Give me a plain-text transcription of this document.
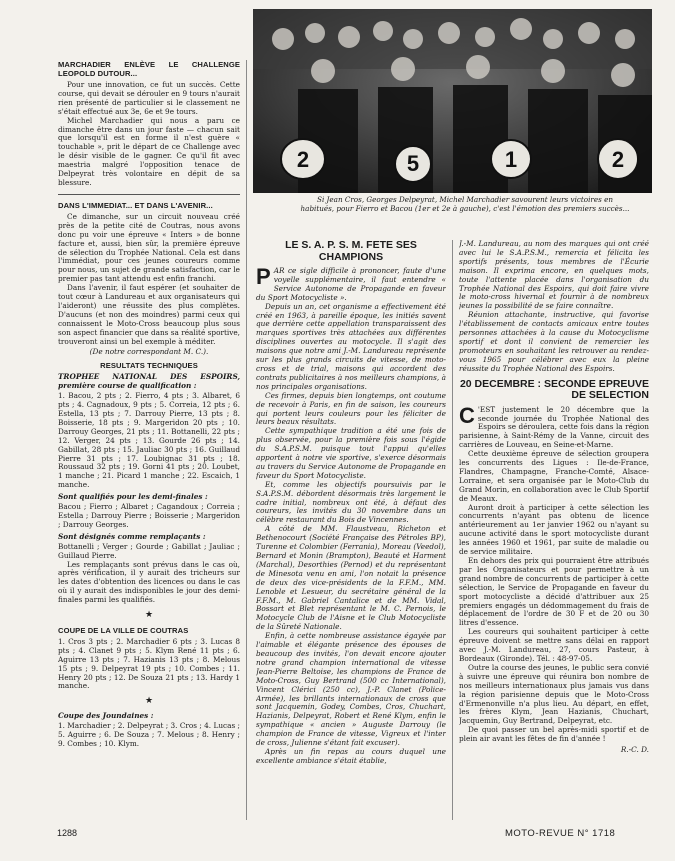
MARCHADIER ENLÈVE LE CHALLENGE LEOPOLD DUTOUR...

Pour une innovation, ce fut un succès. Cette course, qui devait se dérouler en 9 tours n'aurait rien présenté de particulier si le classement ne s'était effectué aux 3e, 6e et 9e tours.

Michel Marchadier qui nous a paru ce dimanche être dans un jour faste — chacun sait que lorsqu'il est en forme il n'est guère « touchable », prit le départ de ce Challenge avec le désir visible de le gagner. Ce qu'il fit avec maestria malgré l'opposition tenace de Delpeyrat très volontaire en dépit de sa blessure.

DANS L'IMMEDIAT... ET DANS L'AVENIR...

Ce dimanche, sur un circuit nouveau créé près de la petite cité de Coutras, nous avons donc pu voir une épreuve « Inters » de bonne facture et, aussi, bien sûr, la première épreuve de sélection du Trophée National. Cela est dans l'immédiat, pour ces jeunes coureurs comme pour nous, un sujet de grande satisfaction, car le premier pas tant attendu est enfin franchi.

Dans l'avenir, il faut espérer (et souhaiter de tout cœur à Landureau et aux organisateurs qui l'aideront) une réussite des plus complètes. D'aucuns (et non des moindres) parmi ceux qui connaissent le Moto-Cross beaucoup plus sous son aspect financier que dans sa réalité sportive, trouveront ainsi un bel exemple à méditer.

(De notre correspondant M. C.).
RESULTATS TECHNIQUES
TROPHEE NATIONAL DES ESPOIRS, première course de qualification :

1. Bacou, 2 pts ; 2. Fierro, 4 pts ; 3. Albaret, 6 pts ; 4. Cagnadoux, 9 pts ; 5. Correia, 12 pts ; 6. Estella, 13 pts ; 7. Darrouy Pierre, 13 pts ; 8. Boisserie, 18 pts ; 9. Margeridon 20 pts ; 10. Darrouy Georges, 21 pts ; 11. Bottanelli, 22 pts ; 12. Verger, 24 pts ; 13. Gourde 26 pts ; 14. Gabillat, 28 pts ; 15. Jauliac 30 pts ; 16. Guillaud Pierre 31 pts ; 17. Loubignac 31 pts ; 18. Roussaud 32 pts ; 19. Gorni 41 pts ; 20. Loubet, 1 manche ; 21. Picard 1 manche ; 22. Escaich, 1 manche.

Sont qualifiés pour les demi-finales :

Bacou ; Fierro ; Albaret ; Cagandoux ; Correia ; Estella ; Darrouy Pierre ; Boisserie ; Margeridon ; Darrouy Georges.

Sont désignés comme remplaçants :

Bottanelli ; Verger ; Gourde ; Gabillat ; Jauliac ; Guillaud Pierre.

Les remplaçants sont prévus dans le cas où, après vérification, il y aurait des tricheurs sur les dates d'obtention des licences ou dans le cas où il y aurait des indisponibles le jour des demi-finales parmi les qualifiés.

★
COUPE DE LA VILLE DE COUTRAS

1. Cros 3 pts ; 2. Marchadier 6 pts ; 3. Lucas 8 pts ; 4. Clanet 9 pts ; 5. Klym René 11 pts ; 6. Aguirre 13 pts ; 7. Hazianis 13 pts ; 8. Melous 15 pts ; 9. Delpeyrat 19 pts ; 10. Combes ; 11. Henry 20 pts ; 12. De Souza 21 pts ; 13. Hardy 1 manche.

★
Coupe des Joundaines :

1. Marchadier ; 2. Delpeyrat ; 3. Cros ; 4. Lucas ; 5. Aguirre ; 6. De Souza ; 7. Melous ; 8. Henry ; 9. Combes ; 10. Klym.

2	5	1	2
Si Jean Cros, Georges Delpeyrat, Michel Marchadier savourent leurs victoires en habitués, pour Fierro et Bacou (1er et 2e à gauche), c'est l'émotion des premiers succès...
LE S. A. P. S. M. FETE SES CHAMPIONS

PAR ce sigle difficile à prononcer, faute d'une voyelle supplémentaire, il faut entendre « Service Autonome de Propagande en faveur du Sport Motocycliste ».

Depuis un an, cet organisme a effectivement été créé en 1963, à pareille époque, les initiés savent que derrière cette appellation transparaissent des marques sportives très attachées aux différentes disciplines ouvertes au motocycle. Il s'agit des maisons que notre ami J.-M. Landureau représente sur les plus grands circuits de vitesse, de moto-cross et de trial, maisons qui accordent des contrats publicitaires à nos meilleurs champions, à nos principales organisations.

Ces firmes, depuis bien longtemps, ont coutume de recevoir à Paris, en fin de saison, les coureurs qui portent leurs couleurs pour les féliciter de leurs beaux résultats.

Cette sympathique tradition a été une fois de plus observée, pour la première fois sous l'égide du S.A.P.S.M. puisque tout l'appui qu'elles apportent à notre vie sportive, s'exerce désormais au travers du Service Autonome de Propagande en faveur du Sport Motocycliste.

Et, comme les objectifs poursuivis par le S.A.P.S.M. débordent désormais très largement le cadre initial, nombreux ont été, à défaut des coureurs, les invités du 30 novembre dans un célèbre restaurant du Bois de Vincennes.

A côté de MM. Flaustveau, Richeton et Bethenocourt (Société Française des Pétroles BP), Turenne et Colombier (Ferrania), Moreau (Veedol), Bernard et Monin (Brampton), Beauté et Harment (Marchal), Desorthies (Pernod) et du représentant de Minesota venu en ami, l'on notait la présence de deux des vice-présidents de la F.F.M., MM. Lenoble et Lesueur, du secrétaire général de la F.F.M., M. Gabriel Cantalice et de MM. Vidal, Bossart et Blet représentant le M. C. Pernois, le Motocycle Club de l'Aisne et le Club Motocycliste de la Sûreté Nationale.

Enfin, à cette nombreuse assistance égayée par l'aimable et élégante présence des épouses de beaucoup des invités, l'on devait encore ajouter notre grand champion international de vitesse Jean-Pierre Beltoise, les champions de France de Moto-Cross, Guy Bertrand (500 cc International), Vincent Clérici (250 cc), J.-P. Clanet (Police-Armée), les brillants internationaux de cross que sont Jacquemin, Godey, Combes, Cros, Chuchart, Hazianis, Delpeyrat, Robert et René Klym, enfin le sympathique « ancien » Auguste Darrouy (le champion de France de vitesse, Vigreux et l'inter de cross, Julienne s'étant fait excuser).

Après un fin repas au cours duquel une excellente ambiance s'était établie,

J.-M. Landureau, au nom des marques qui ont créé avec lui le S.A.P.S.M., remercia et félicita les sportifs présents, tous membres de l'Écurie maison. Il exprima encore, en quelques mots, toute l'attente placée dans l'organisation du Trophée National des Espoirs, qui doit faire vivre le moto-cross hivernal et fournir à de nombreux jeunes la possibilité de se faire connaître.

Réunion attachante, instructive, qui favorise l'établissement de contacts amicaux entre toutes personnes attachées à la cause du Motocyclisme sportif et dont il convient de remercier les promoteurs en souhaitant les retrouver au rendez-vous 1965 pour célébrer avec eux la pleine réussite du Trophée National des Espoirs.

20 DECEMBRE : SECONDE EPREUVE DE SELECTION

C 'EST justement le 20 décembre que la seconde journée du Trophée National des Espoirs se déroulera, cette fois dans la région parisienne, à Saint-Rémy de la Vanne, circuit des carrières de Louveau, en Seine-et-Marne.

Cette deuxième épreuve de sélection groupera les concurrents des Ligues : Ile-de-France, Flandres, Champagne, Franche-Comté, Alsace-Lorraine, et sera organisée par le Moto-Club du Grand Morin, en collaboration avec le Club Sportif de Meaux.

Auront droit à participer à cette sélection les concurrents n'ayant pas obtenu de licence antérieurement au 1er janvier 1962 ou n'ayant su aucune activité dans le sport motocycliste durant les années 1960 et 1961, par suite de maladie ou de service militaire.

En dehors des prix qui pourraient être attribués par les Organisateurs et pour permettre à un grand nombre de concurrents de participer à cette sélection, le Service de Propagande en faveur du sport motocycliste a décidé d'attribuer aux 25 premiers engagés un dédommagement du frais de déplacement de l'ordre de 30 F et de 20 ou 30 litres d'essence.

Les coureurs qui souhaitent participer à cette épreuve doivent se mettre sans délai en rapport avec J.-M. Landureau, 27, cours Pasteur, à Bordeaux (Gironde). Tél. : 48-97-05.

Outre la course des jeunes, le public sera convié à suivre une épreuve qui réunira bon nombre de nos meilleurs internationaux plus jamais vus dans la région parisienne depuis que le Moto-Cross d'Ermenonville n'a plus lieu. Au départ, en effet, les frères Klym, Jean Hazianis, Chuchart, Jacquemin, Guy Bertrand, Delpeyrat, etc.

De quoi passer un bel après-midi sportif et de plein air avant les fêtes de fin d'année !

R.-C. D.
1288	MOTO-REVUE N° 1718
